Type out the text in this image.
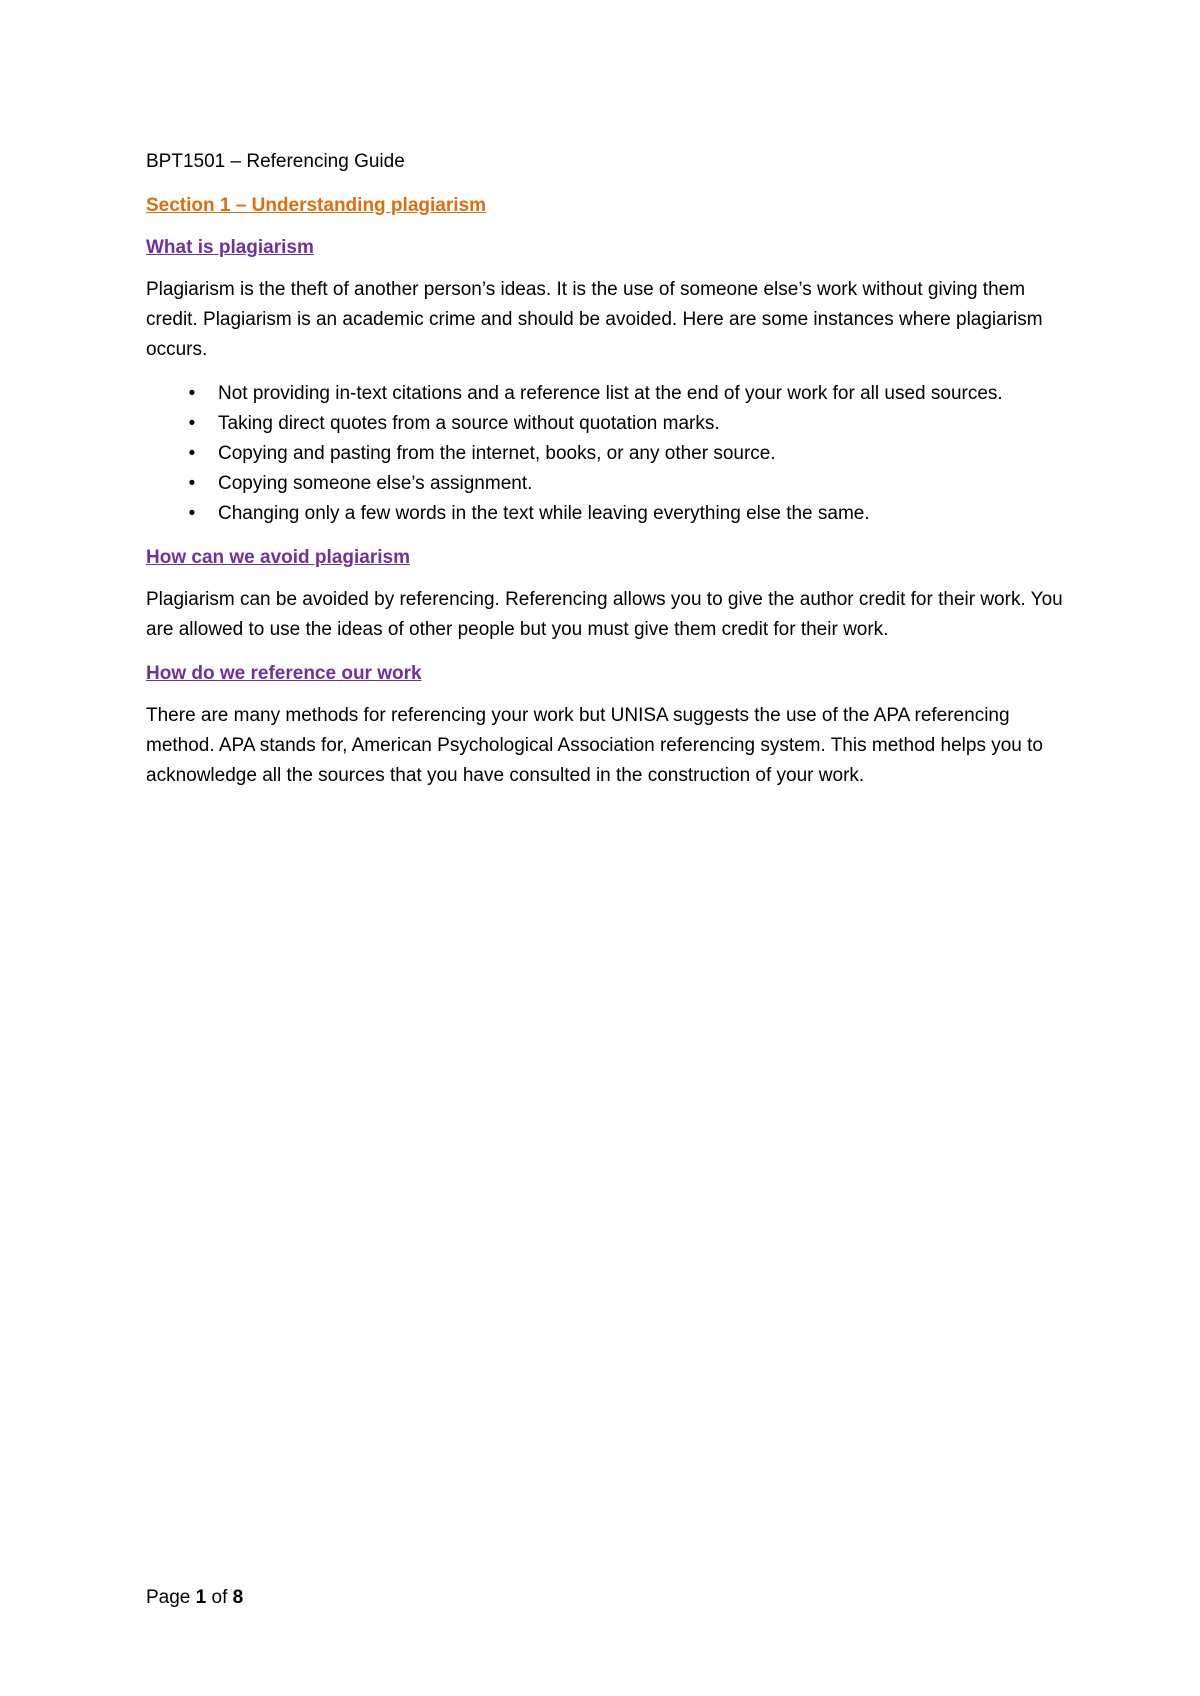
BPT1501 – Referencing Guide

Section 1 – Understanding plagiarism

What is plagiarism

Plagiarism is the theft of another person’s ideas. It is the use of someone else’s work without giving them credit. Plagiarism is an academic crime and should be avoided. Here are some instances where plagiarism occurs.

•	Not providing in-text citations and a reference list at the end of your work for all used sources.
•	Taking direct quotes from a source without quotation marks.
•	Copying and pasting from the internet, books, or any other source.
•	Copying someone else’s assignment.
•	Changing only a few words in the text while leaving everything else the same.

How can we avoid plagiarism

Plagiarism can be avoided by referencing. Referencing allows you to give the author credit for their work. You are allowed to use the ideas of other people but you must give them credit for their work.

How do we reference our work

There are many methods for referencing your work but UNISA suggests the use of the APA referencing method. APA stands for, American Psychological Association referencing system. This method helps you to acknowledge all the sources that you have consulted in the construction of your work.

Page 1 of 8
